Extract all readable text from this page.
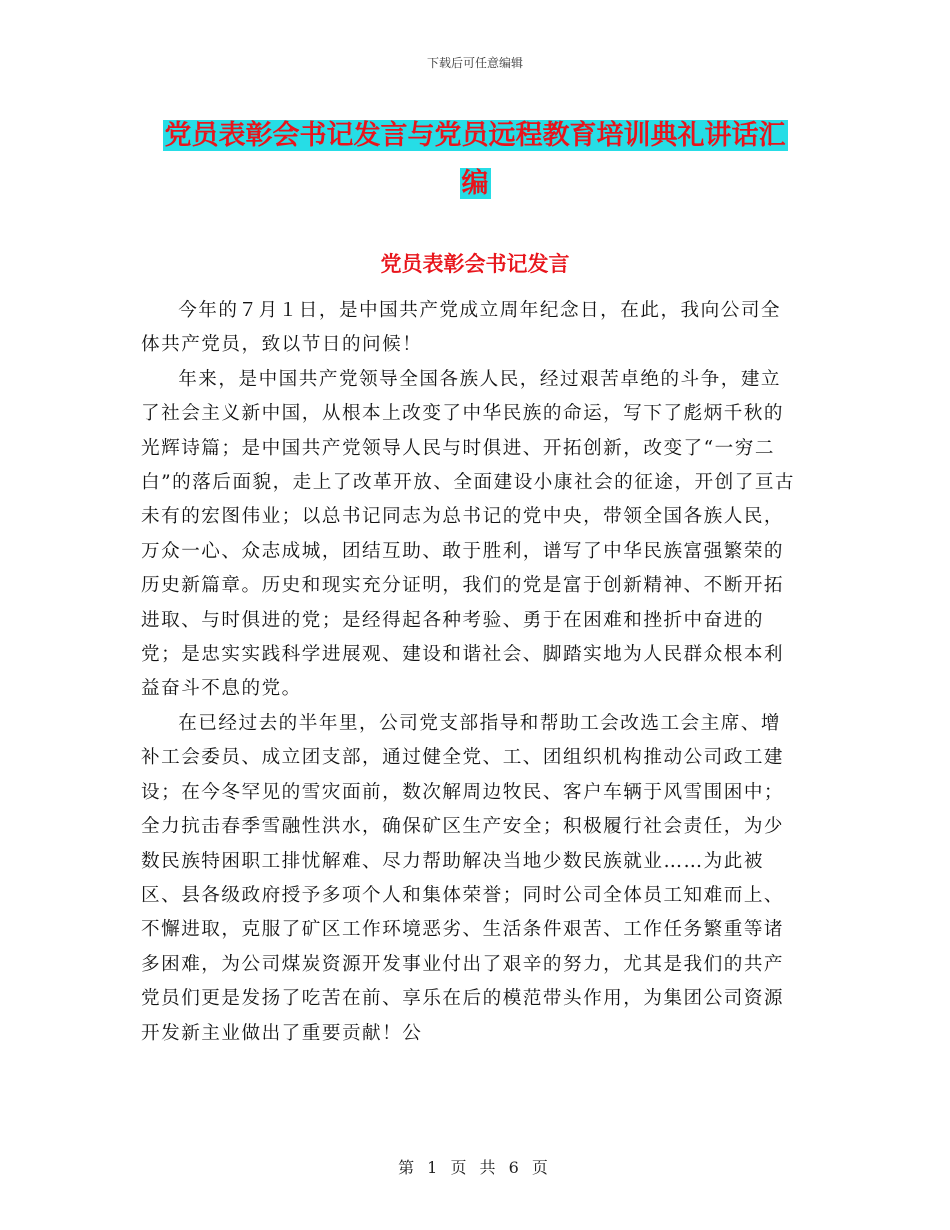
下载后可任意编辑
党员表彰会书记发言与党员远程教育培训典礼讲话汇
编
党员表彰会书记发言

今年的７月１日，是中国共产党成立周年纪念日，在此，我向公司全体共产党员，致以节日的问候！

年来，是中国共产党领导全国各族人民，经过艰苦卓绝的斗争，建立了社会主义新中国，从根本上改变了中华民族的命运，写下了彪炳千秋的光辉诗篇；是中国共产党领导人民与时俱进、开拓创新，改变了“一穷二白”的落后面貌，走上了改革开放、全面建设小康社会的征途，开创了亘古未有的宏图伟业；以总书记同志为总书记的党中央，带领全国各族人民，万众一心、众志成城，团结互助、敢于胜利，谱写了中华民族富强繁荣的历史新篇章。历史和现实充分证明，我们的党是富于创新精神、不断开拓进取、与时俱进的党；是经得起各种考验、勇于在困难和挫折中奋进的党；是忠实实践科学进展观、建设和谐社会、脚踏实地为人民群众根本利益奋斗不息的党。

在已经过去的半年里，公司党支部指导和帮助工会改选工会主席、增补工会委员、成立团支部，通过健全党、工、团组织机构推动公司政工建设；在今冬罕见的雪灾面前，数次解周边牧民、客户车辆于风雪围困中；全力抗击春季雪融性洪水，确保矿区生产安全；积极履行社会责任，为少数民族特困职工排忧解难、尽力帮助解决当地少数民族就业……为此被区、县各级政府授予多项个人和集体荣誉；同时公司全体员工知难而上、不懈进取，克服了矿区工作环境恶劣、生活条件艰苦、工作任务繁重等诸多困难，为公司煤炭资源开发事业付出了艰辛的努力，尤其是我们的共产党员们更是发扬了吃苦在前、享乐在后的模范带头作用，为集团公司资源开发新主业做出了重要贡献！公

第 1 页 共 6 页
